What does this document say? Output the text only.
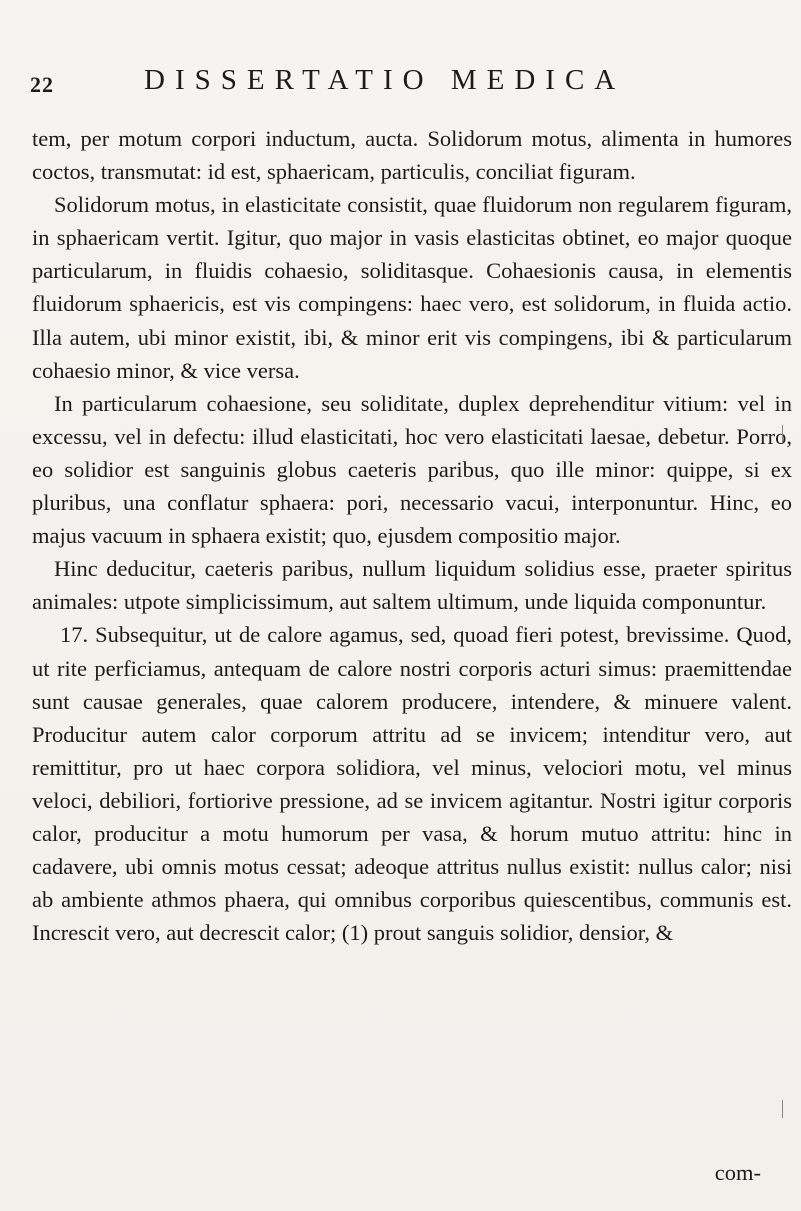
22	DISSERTATIO MEDICA

tem, per motum corpori inductum, aucta. Solidorum motus, alimenta in humores coctos, transmutat: id est, sphaericam, particulis, conciliat figuram.

Solidorum motus, in elasticitate consistit, quae fluidorum non regularem figuram, in sphaericam vertit. Igitur, quo major in vasis elasticitas obtinet, eo major quoque particularum, in fluidis cohaesio, soliditasque. Cohaesionis causa, in elementis fluidorum sphaericis, est vis compingens: haec vero, est solidorum, in fluida actio. Illa autem, ubi minor existit, ibi, & minor erit vis compingens, ibi & particularum cohaesio minor, & vice versa.

In particularum cohaesione, seu soliditate, duplex deprehenditur vitium: vel in excessu, vel in defectu: illud elasticitati, hoc vero elasticitati laesae, debetur. Porro, eo solidior est sanguinis globus caeteris paribus, quo ille minor: quippe, si ex pluribus, una conflatur sphaera: pori, necessario vacui, interponuntur. Hinc, eo majus vacuum in sphaera existit; quo, ejusdem compositio major.

Hinc deducitur, caeteris paribus, nullum liquidum solidius esse, praeter spiritus animales: utpote simplicissimum, aut saltem ultimum, unde liquida componuntur.

17. Subsequitur, ut de calore agamus, sed, quoad fieri potest, brevissime. Quod, ut rite perficiamus, antequam de calore nostri corporis acturi simus: praemittendae sunt causae generales, quae calorem producere, intendere, & minuere valent. Producitur autem calor corporum attritu ad se invicem; intenditur vero, aut remittitur, pro ut haec corpora solidiora, vel minus, velociori motu, vel minus veloci, debiliori, fortiorive pressione, ad se invicem agitantur. Nostri igitur corporis calor, producitur a motu humorum per vasa, & horum mutuo attritu: hinc in cadavere, ubi omnis motus cessat; adeoque attritus nullus existit: nullus calor; nisi ab ambiente athmos phaera, qui omnibus corporibus quiescentibus, communis est. Increscit vero, aut decrescit calor; (1) prout sanguis solidior, densior, &

com-
